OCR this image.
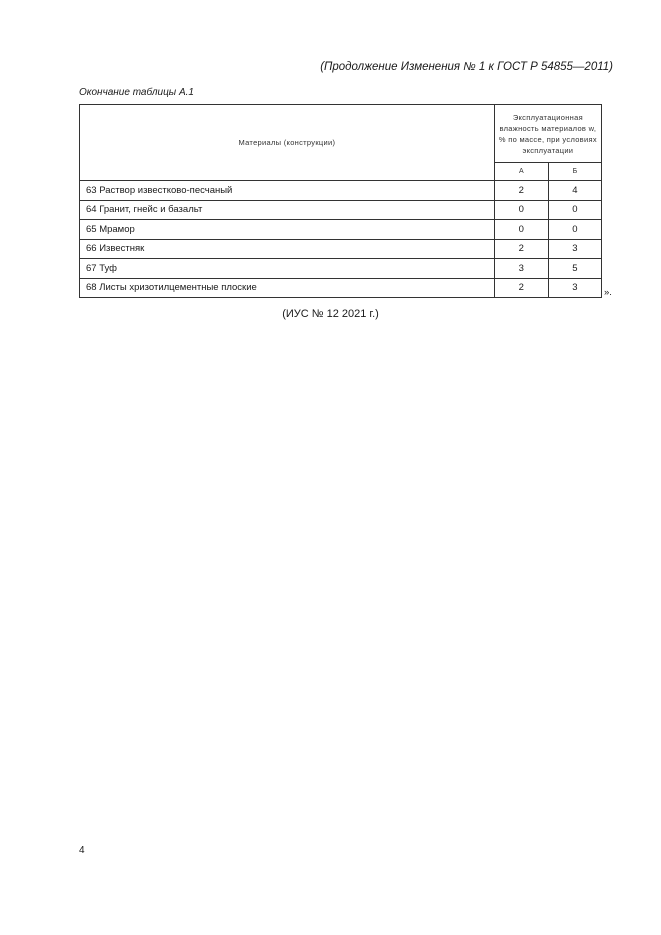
(Продолжение Изменения № 1 к ГОСТ Р 54855—2011)
Окончание таблицы А.1
Материалы (конструкции)	Эксплуатационная влажность материалов w, % по массе, при условиях эксплуатации	
	А	Б
63 Раствор известково-песчаный	2	4
64 Гранит, гнейс и базальт	0	0
65 Мрамор	0	0
66 Известняк	2	3
67 Туф	3	5
68 Листы хризотилцементные плоские	2	3	».
(ИУС № 12 2021 г.)
4
